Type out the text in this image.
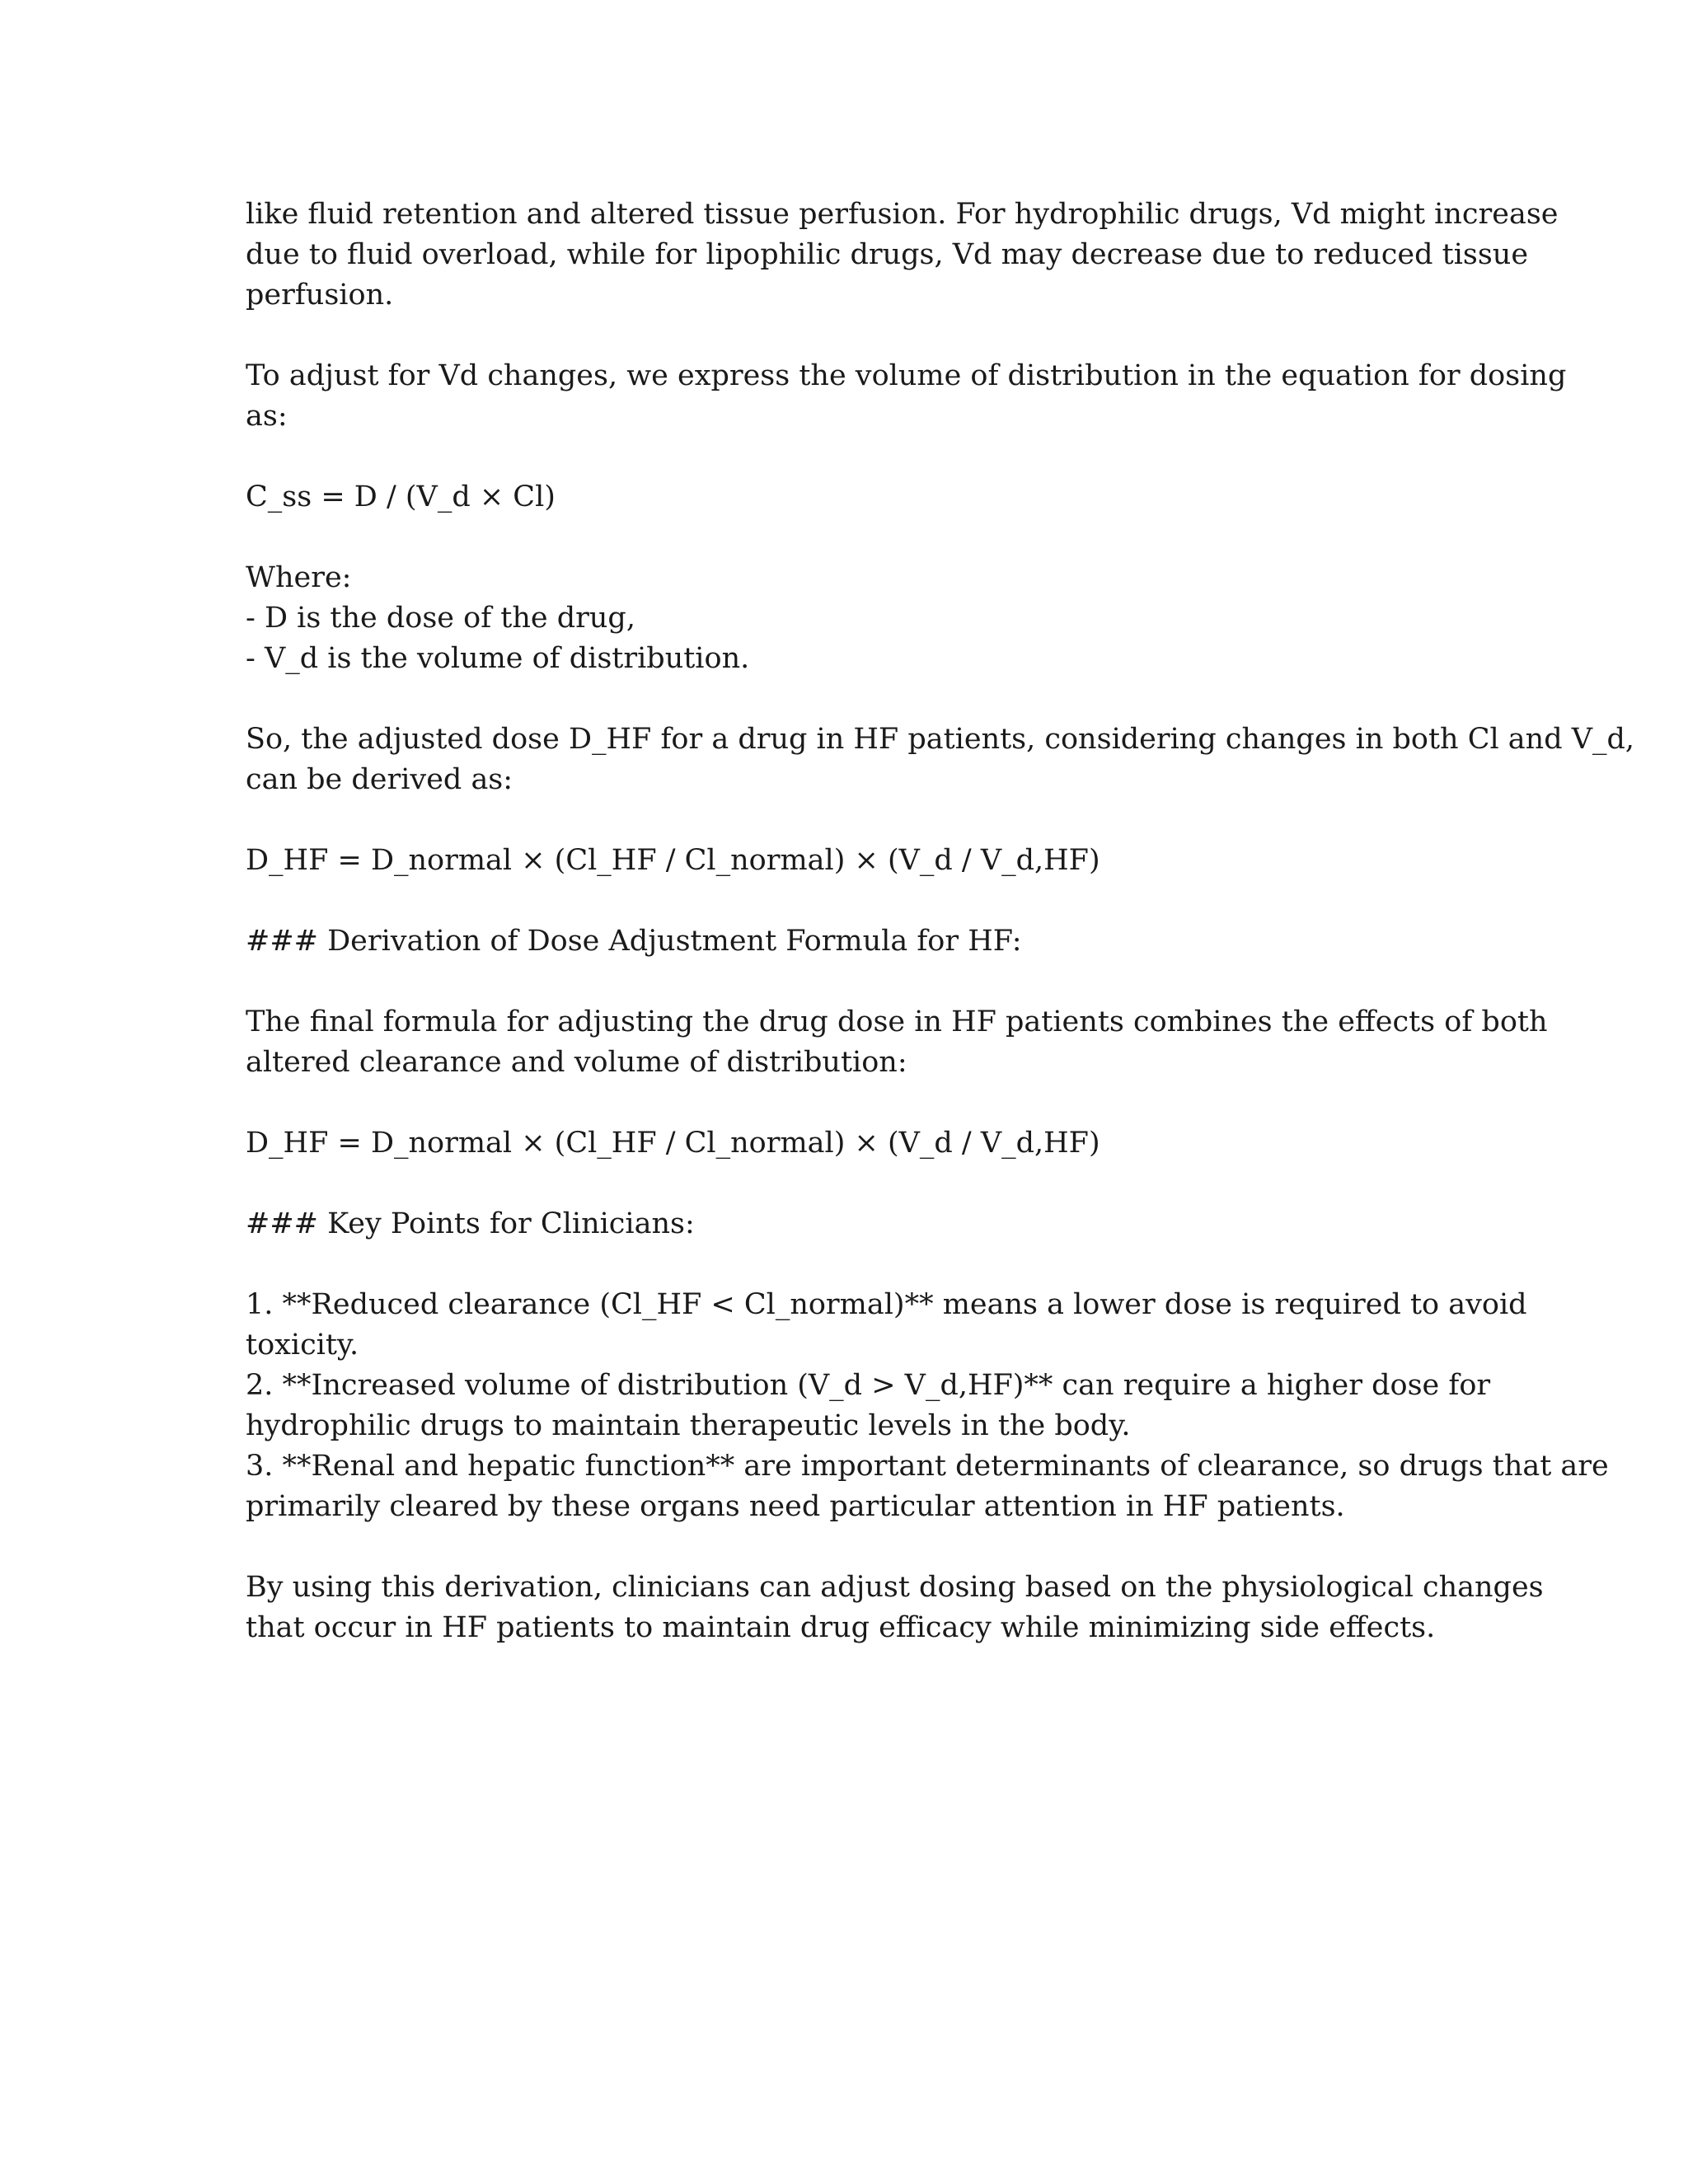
like fluid retention and altered tissue perfusion. For hydrophilic drugs, Vd might increase
due to fluid overload, while for lipophilic drugs, Vd may decrease due to reduced tissue
perfusion.

To adjust for Vd changes, we express the volume of distribution in the equation for dosing
as:

C_ss = D / (V_d × Cl)

Where:
- D is the dose of the drug,
- V_d is the volume of distribution.

So, the adjusted dose D_HF for a drug in HF patients, considering changes in both Cl and V_d,
can be derived as:

D_HF = D_normal × (Cl_HF / Cl_normal) × (V_d / V_d,HF)

### Derivation of Dose Adjustment Formula for HF:

The final formula for adjusting the drug dose in HF patients combines the effects of both
altered clearance and volume of distribution:

D_HF = D_normal × (Cl_HF / Cl_normal) × (V_d / V_d,HF)

### Key Points for Clinicians:

1. **Reduced clearance (Cl_HF < Cl_normal)** means a lower dose is required to avoid
toxicity.
2. **Increased volume of distribution (V_d > V_d,HF)** can require a higher dose for
hydrophilic drugs to maintain therapeutic levels in the body.
3. **Renal and hepatic function** are important determinants of clearance, so drugs that are
primarily cleared by these organs need particular attention in HF patients.

By using this derivation, clinicians can adjust dosing based on the physiological changes
that occur in HF patients to maintain drug efficacy while minimizing side effects.
